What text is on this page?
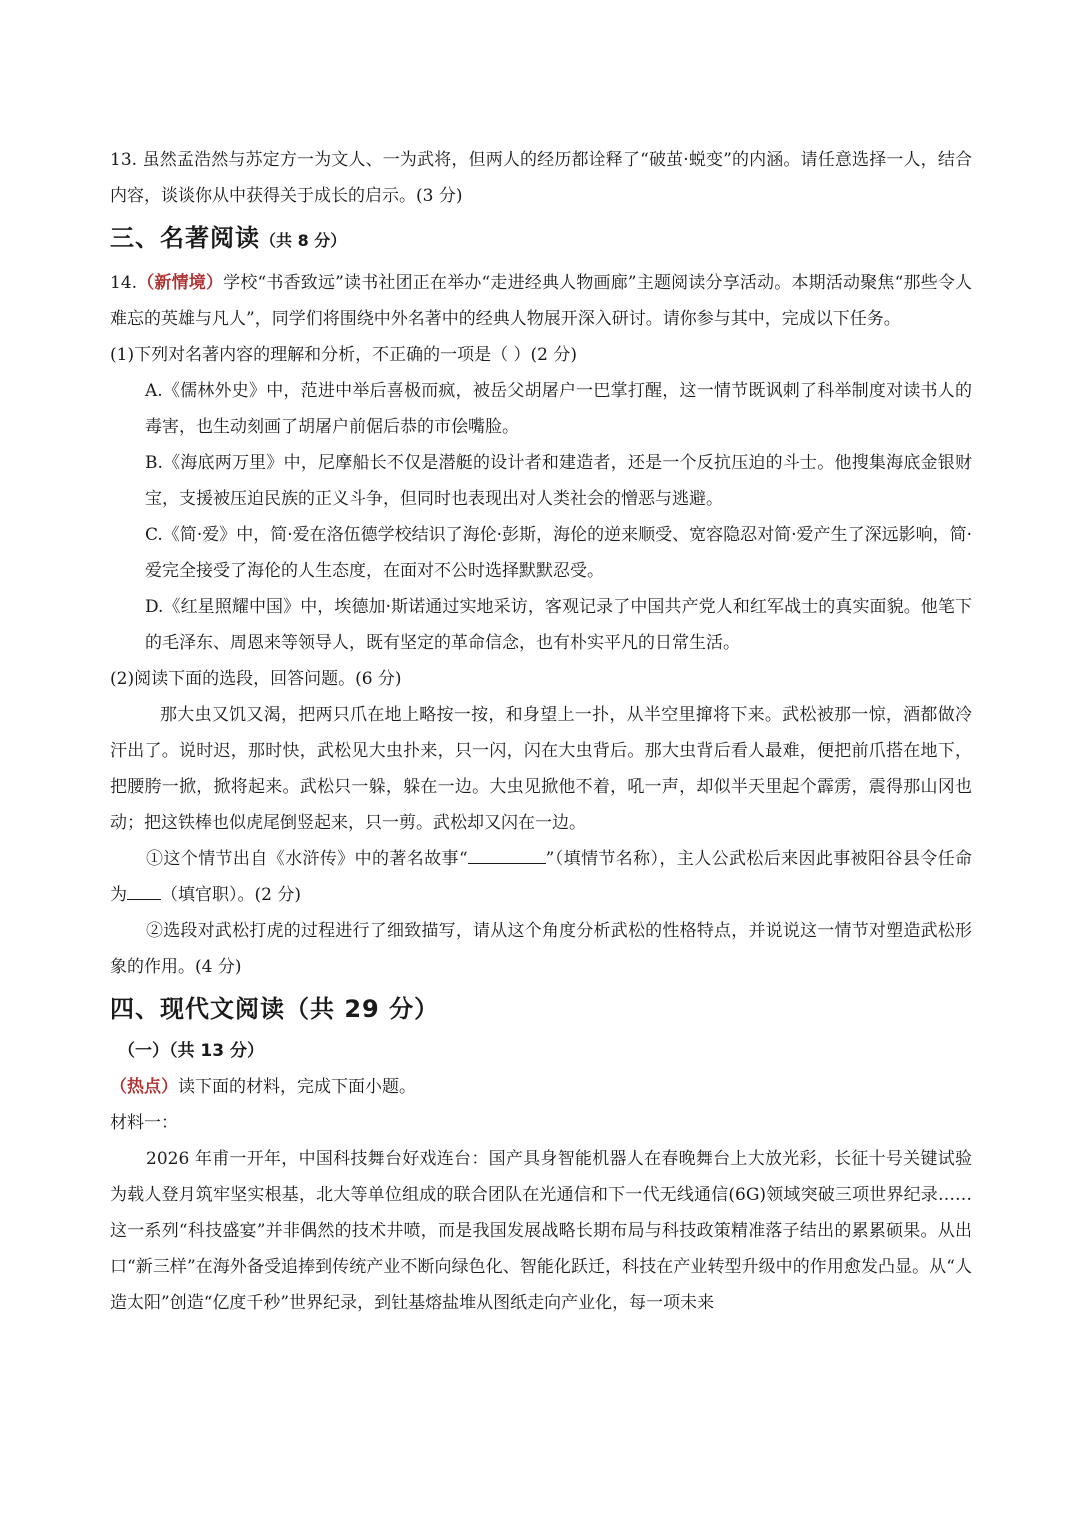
13. 虽然孟浩然与苏定方一为文人、一为武将，但两人的经历都诠释了“破茧·蜕变”的内涵。请任意选择一人，结合内容，谈谈你从中获得关于成长的启示。(3 分)

三、名著阅读（共 8 分）

14.（新情境）学校“书香致远”读书社团正在举办“走进经典人物画廊”主题阅读分享活动。本期活动聚焦“那些令人难忘的英雄与凡人”，同学们将围绕中外名著中的经典人物展开深入研讨。请你参与其中，完成以下任务。

(1)下列对名著内容的理解和分析，不正确的一项是（ ）(2 分)

A.《儒林外史》中，范进中举后喜极而疯，被岳父胡屠户一巴掌打醒，这一情节既讽刺了科举制度对读书人的毒害，也生动刻画了胡屠户前倨后恭的市侩嘴脸。

B.《海底两万里》中，尼摩船长不仅是潜艇的设计者和建造者，还是一个反抗压迫的斗士。他搜集海底金银财宝，支援被压迫民族的正义斗争，但同时也表现出对人类社会的憎恶与逃避。

C.《简·爱》中，简·爱在洛伍德学校结识了海伦·彭斯，海伦的逆来顺受、宽容隐忍对简·爱产生了深远影响，简·爱完全接受了海伦的人生态度，在面对不公时选择默默忍受。

D.《红星照耀中国》中，埃德加·斯诺通过实地采访，客观记录了中国共产党人和红军战士的真实面貌。他笔下的毛泽东、周恩来等领导人，既有坚定的革命信念，也有朴实平凡的日常生活。

(2)阅读下面的选段，回答问题。(6 分)

那大虫又饥又渴，把两只爪在地上略按一按，和身望上一扑，从半空里撺将下来。武松被那一惊，酒都做冷汗出了。说时迟，那时快，武松见大虫扑来，只一闪，闪在大虫背后。那大虫背后看人最难，便把前爪搭在地下，把腰胯一掀，掀将起来。武松只一躲，躲在一边。大虫见掀他不着，吼一声，却似半天里起个霹雳，震得那山冈也动；把这铁棒也似虎尾倒竖起来，只一剪。武松却又闪在一边。

①这个情节出自《水浒传》中的著名故事“	”（填情节名称），主人公武松后来因此事被阳谷县令任命为 （填官职）。(2 分)

②选段对武松打虎的过程进行了细致描写，请从这个角度分析武松的性格特点，并说说这一情节对塑造武松形象的作用。(4 分)

四、现代文阅读（共 29 分）
（一）（共 13 分）

（热点）读下面的材料，完成下面小题。

材料一：

2026 年甫一开年，中国科技舞台好戏连台：国产具身智能机器人在春晚舞台上大放光彩，长征十号关键试验为载人登月筑牢坚实根基，北大等单位组成的联合团队在光通信和下一代无线通信(6G)领域突破三项世界纪录……这一系列“科技盛宴”并非偶然的技术井喷，而是我国发展战略长期布局与科技政策精准落子结出的累累硕果。从出口“新三样”在海外备受追捧到传统产业不断向绿色化、智能化跃迁，科技在产业转型升级中的作用愈发凸显。从“人造太阳”创造“亿度千秒”世界纪录，到钍基熔盐堆从图纸走向产业化，每一项未来
